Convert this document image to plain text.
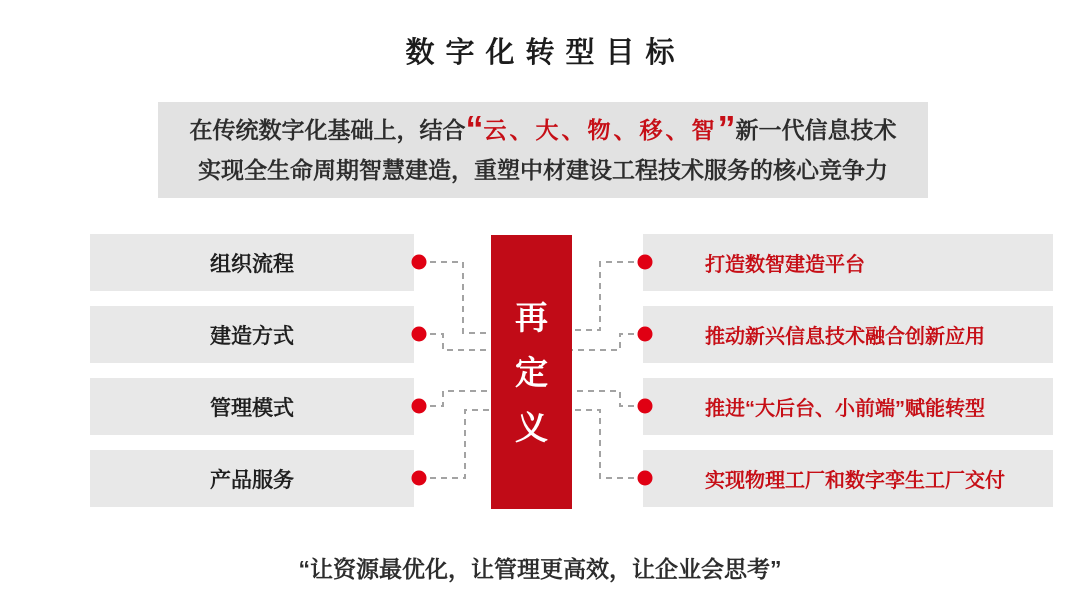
数字化转型目标
在传统数字化基础上，结合“云、大、物、移、智”新一代信息技术
实现全生命周期智慧建造，重塑中材建设工程技术服务的核心竞争力
组织流程
建造方式
管理模式
产品服务
再
定
义
打造数智建造平台
推动新兴信息技术融合创新应用
推进“大后台、小前端”赋能转型
实现物理工厂和数字孪生工厂交付
“让资源最优化，让管理更高效，让企业会思考”
